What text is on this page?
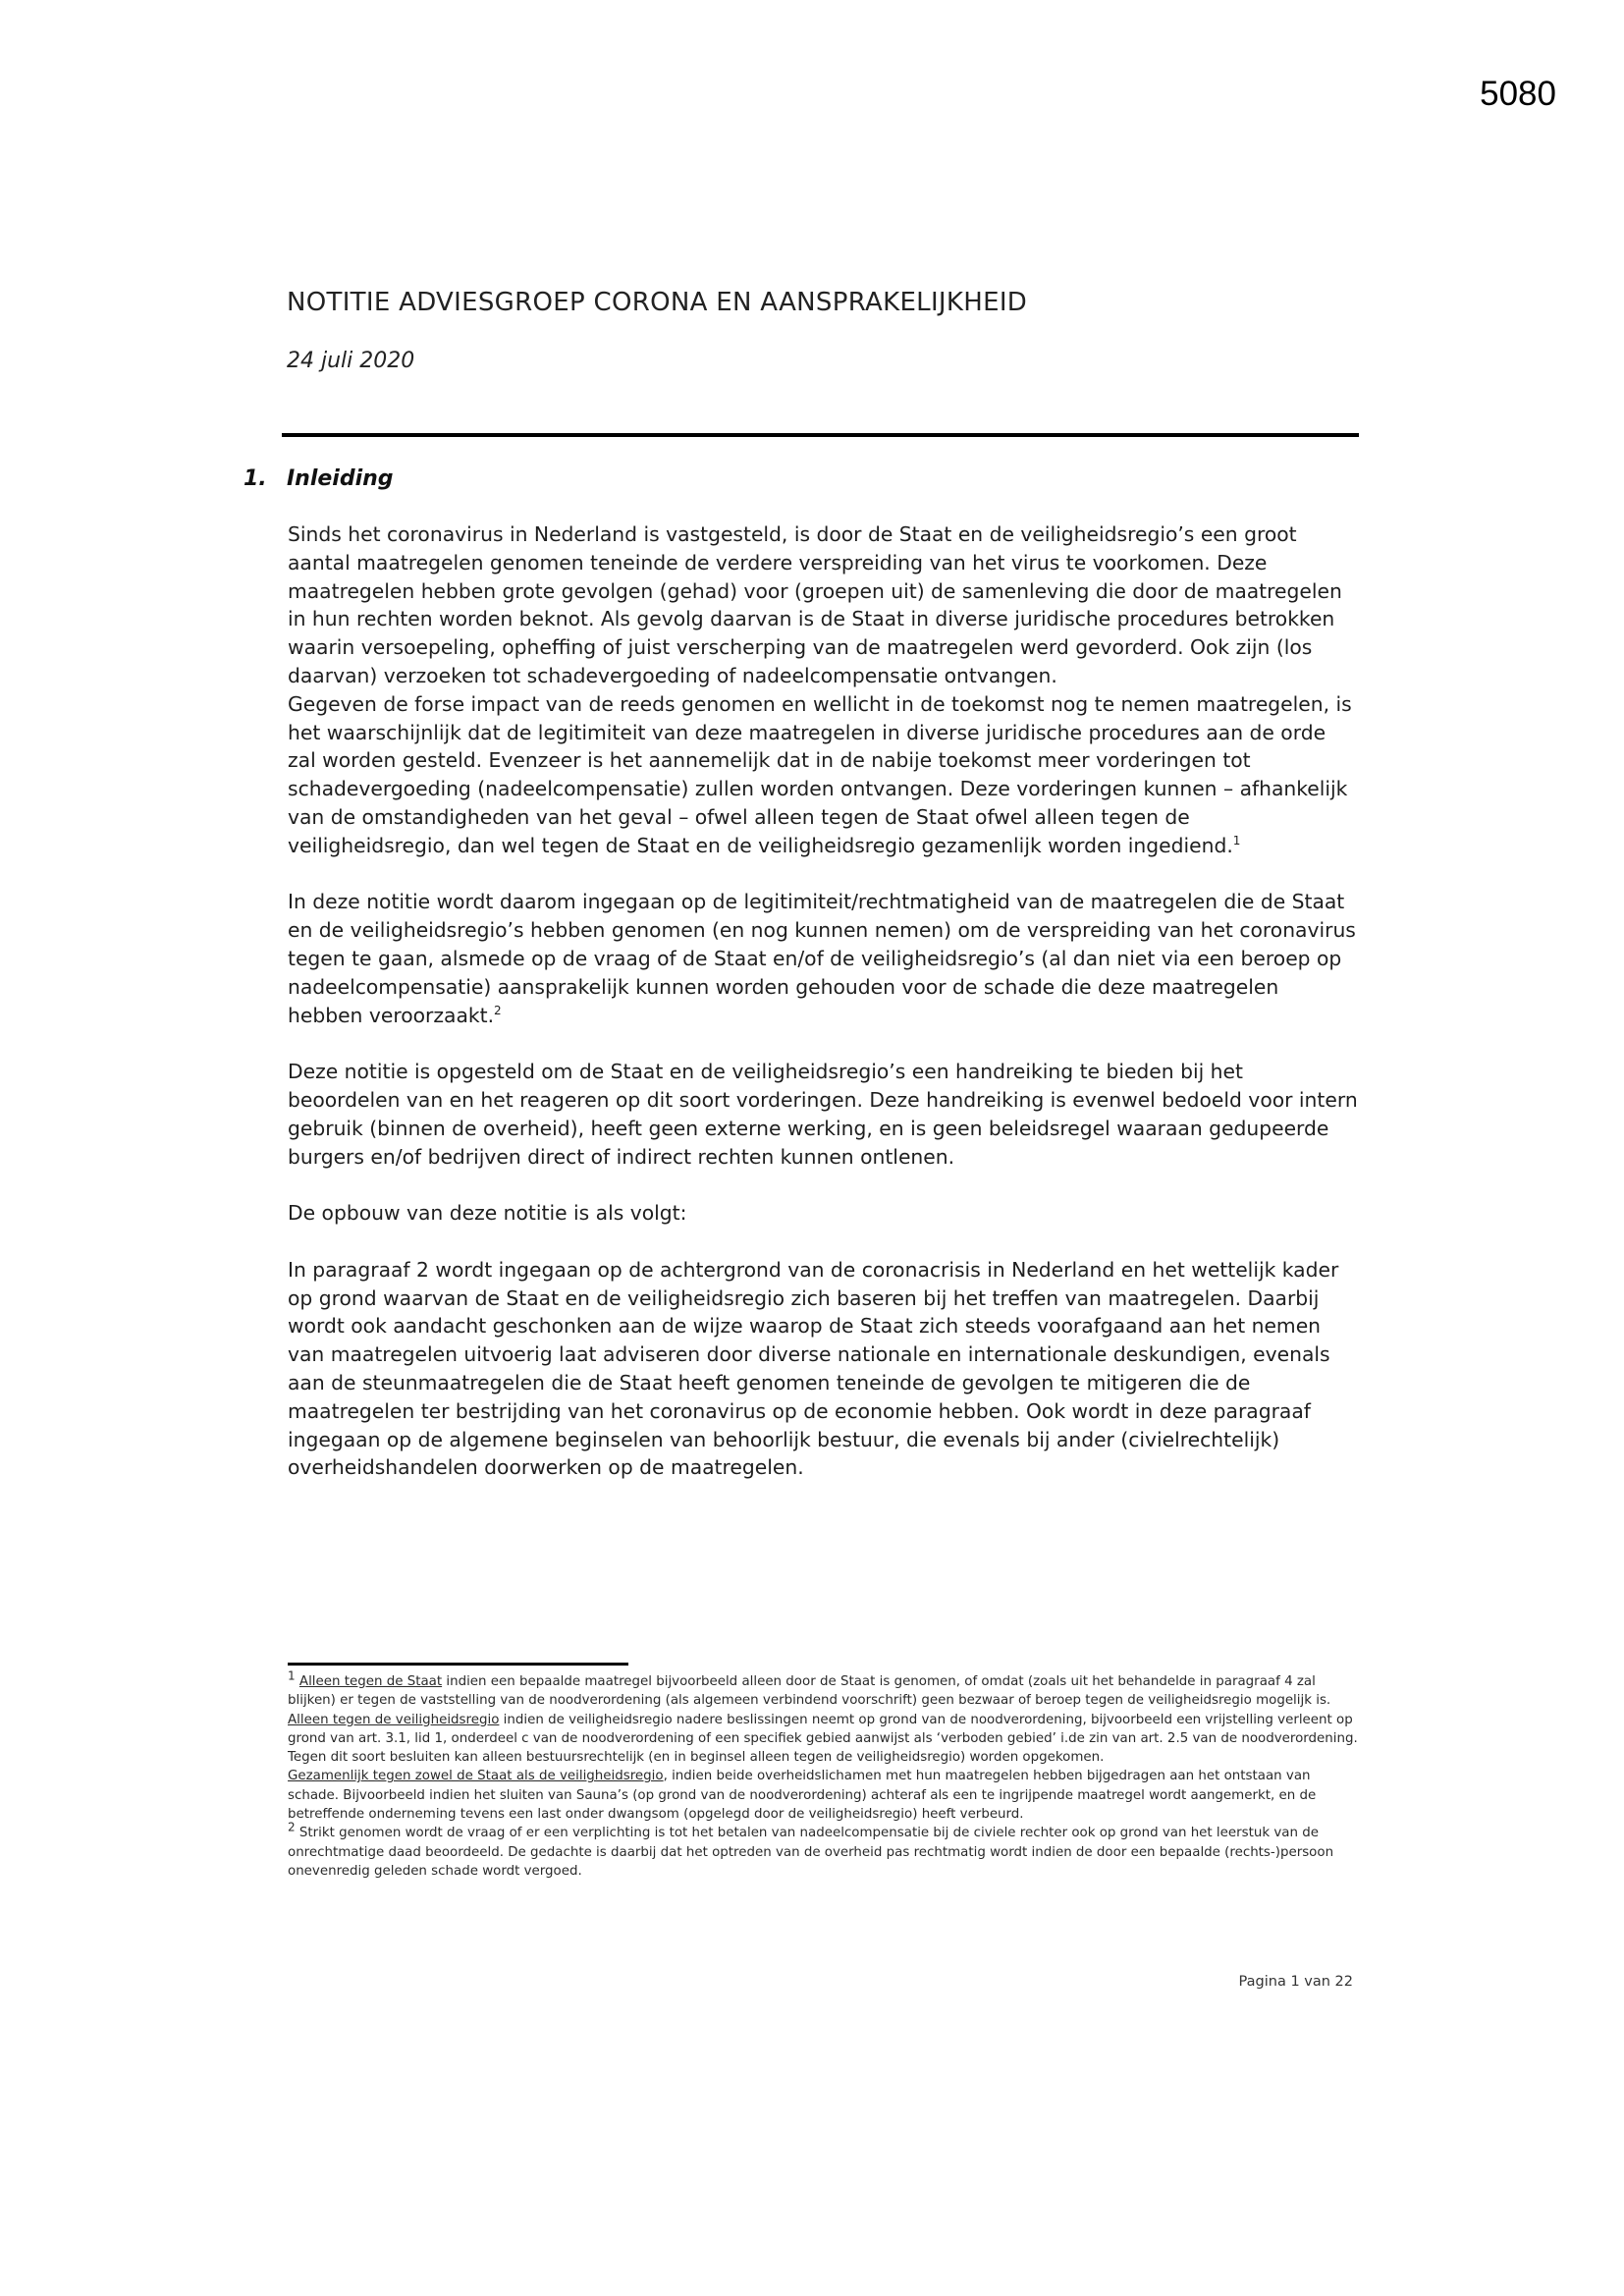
5080
NOTITIE ADVIESGROEP CORONA EN AANSPRAKELIJKHEID
24 juli 2020
1. Inleiding

Sinds het coronavirus in Nederland is vastgesteld, is door de Staat en de veiligheidsregio’s een groot aantal maatregelen genomen teneinde de verdere verspreiding van het virus te voorkomen. Deze maatregelen hebben grote gevolgen (gehad) voor (groepen uit) de samenleving die door de maatregelen in hun rechten worden beknot. Als gevolg daarvan is de Staat in diverse juridische procedures betrokken waarin versoepeling, opheffing of juist verscherping van de maatregelen werd gevorderd. Ook zijn (los daarvan) verzoeken tot schadevergoeding of nadeelcompensatie ontvangen.

Gegeven de forse impact van de reeds genomen en wellicht in de toekomst nog te nemen maatregelen, is het waarschijnlijk dat de legitimiteit van deze maatregelen in diverse juridische procedures aan de orde zal worden gesteld. Evenzeer is het aannemelijk dat in de nabije toekomst meer vorderingen tot schadevergoeding (nadeelcompensatie) zullen worden ontvangen. Deze vorderingen kunnen – afhankelijk van de omstandigheden van het geval – ofwel alleen tegen de Staat ofwel alleen tegen de veiligheidsregio, dan wel tegen de Staat en de veiligheidsregio gezamenlijk worden ingediend.$^1$

In deze notitie wordt daarom ingegaan op de legitimiteit/rechtmatigheid van de maatregelen die de Staat en de veiligheidsregio’s hebben genomen (en nog kunnen nemen) om de verspreiding van het coronavirus tegen te gaan, alsmede op de vraag of de Staat en/of de veiligheidsregio’s (al dan niet via een beroep op nadeelcompensatie) aansprakelijk kunnen worden gehouden voor de schade die deze maatregelen hebben veroorzaakt.$^2$

Deze notitie is opgesteld om de Staat en de veiligheidsregio’s een handreiking te bieden bij het beoordelen van en het reageren op dit soort vorderingen. Deze handreiking is evenwel bedoeld voor intern gebruik (binnen de overheid), heeft geen externe werking, en is geen beleidsregel waaraan gedupeerde burgers en/of bedrijven direct of indirect rechten kunnen ontlenen.

De opbouw van deze notitie is als volgt:

In paragraaf 2 wordt ingegaan op de achtergrond van de coronacrisis in Nederland en het wettelijk kader op grond waarvan de Staat en de veiligheidsregio zich baseren bij het treffen van maatregelen. Daarbij wordt ook aandacht geschonken aan de wijze waarop de Staat zich steeds voorafgaand aan het nemen van maatregelen uitvoerig laat adviseren door diverse nationale en internationale deskundigen, evenals aan de steunmaatregelen die de Staat heeft genomen teneinde de gevolgen te mitigeren die de maatregelen ter bestrijding van het coronavirus op de economie hebben. Ook wordt in deze paragraaf ingegaan op de algemene beginselen van behoorlijk bestuur, die evenals bij ander (civielrechtelijk) overheidshandelen doorwerken op de maatregelen.

$^1$ Alleen tegen de Staat indien een bepaalde maatregel bijvoorbeeld alleen door de Staat is genomen, of omdat (zoals uit het behandelde in paragraaf 4 zal blijken) er tegen de vaststelling van de noodverordening (als algemeen verbindend voorschrift) geen bezwaar of beroep tegen de veiligheidsregio mogelijk is.

Alleen tegen de veiligheidsregio indien de veiligheidsregio nadere beslissingen neemt op grond van de noodverordening, bijvoorbeeld een vrijstelling verleent op grond van art. 3.1, lid 1, onderdeel c van de noodverordening of een specifiek gebied aanwijst als ‘verboden gebied’ i.de zin van art. 2.5 van de noodverordening. Tegen dit soort besluiten kan alleen bestuursrechtelijk (en in beginsel alleen tegen de veiligheidsregio) worden opgekomen.

Gezamenlijk tegen zowel de Staat als de veiligheidsregio, indien beide overheidslichamen met hun maatregelen hebben bijgedragen aan het ontstaan van schade. Bijvoorbeeld indien het sluiten van Sauna’s (op grond van de noodverordening) achteraf als een te ingrijpende maatregel wordt aangemerkt, en de betreffende onderneming tevens een last onder dwangsom (opgelegd door de veiligheidsregio) heeft verbeurd.

$^2$ Strikt genomen wordt de vraag of er een verplichting is tot het betalen van nadeelcompensatie bij de civiele rechter ook op grond van het leerstuk van de onrechtmatige daad beoordeeld. De gedachte is daarbij dat het optreden van de overheid pas rechtmatig wordt indien de door een bepaalde (rechts-)persoon onevenredig geleden schade wordt vergoed.

Pagina 1 van 22
